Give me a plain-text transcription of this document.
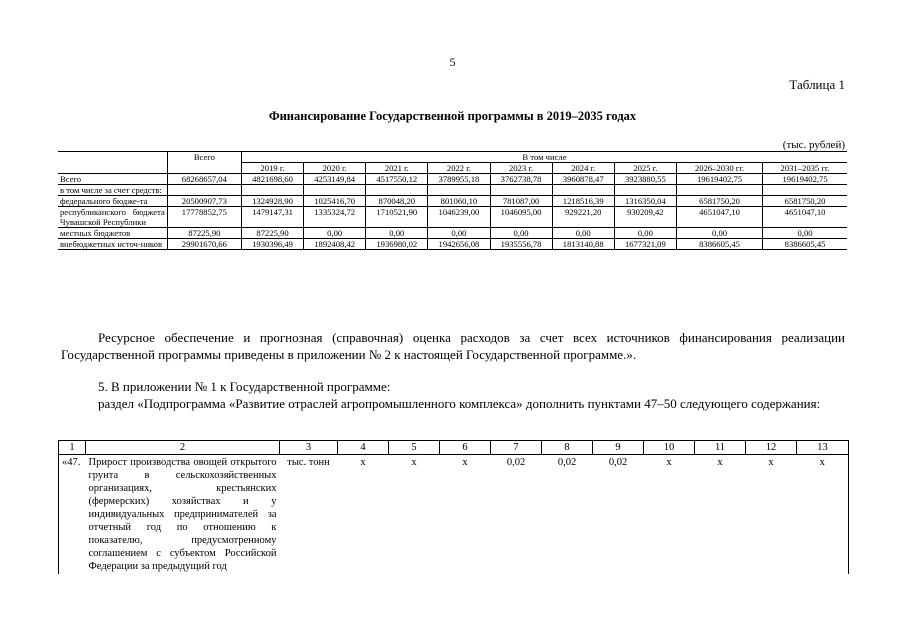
5
Таблица 1
Финансирование Государственной программы в 2019–2035 годах
(тыс. рублей)
	Всего	В том числе								
		2019 г.	2020 г.	2021 г.	2022 г.	2023 г.	2024 г.	2025 г.	2026–2030 гг.	2031–2035 гг.
Всего	68268657,04	4821698,60	4253149,84	4517550,12	3789955,18	3762738,78	3960878,47	3923880,55	19619402,75	19619402,75
в том числе за счет средств:										
федерального бюдже-та	20500907,73	1324928,90	1025416,70	870048,20	801060,10	781087,00	1218516,39	1316350,04	6581750,20	6581750,20
республиканского бюджета Чувашской Республики	17778852,75	1479147,31	1335324,72	1710521,90	1046239,00	1046095,00	929221,20	930209,42	4651047,10	4651047,10
местных бюджетов	87225,90	87225,90	0,00	0,00	0,00	0,00	0,00	0,00	0,00	0,00
внебюджетных источ-ников	29901670,66	1930396,49	1892408,42	1936980,02	1942656,08	1935556,78	1813140,88	1677321,09	8386605,45	8386605,45
Ресурсное обеспечение и прогнозная (справочная) оценка расходов за счет всех источников финансирования реализации Государственной программы приведены в приложении № 2 к настоящей Государственной программе.».
5. В приложении № 1 к Государственной программе:
раздел «Подпрограмма «Развитие отраслей агропромышленного комплекса» дополнить пунктами 47–50 следующего содержания:
1	2	3	4	5	6	7	8	9	10	11	12	13
«47.	Прирост производства овощей открытого грунта в сельскохозяйственных организациях, крестьянских (фермерских) хозяйствах и у индивидуальных предпринимателей за отчетный год по отношению к показателю, предусмотренному соглашением с субъектом Российской Федерации за предыдущий год	тыс. тонн	x	x	x	0,02	0,02	0,02	x	x	x	x
